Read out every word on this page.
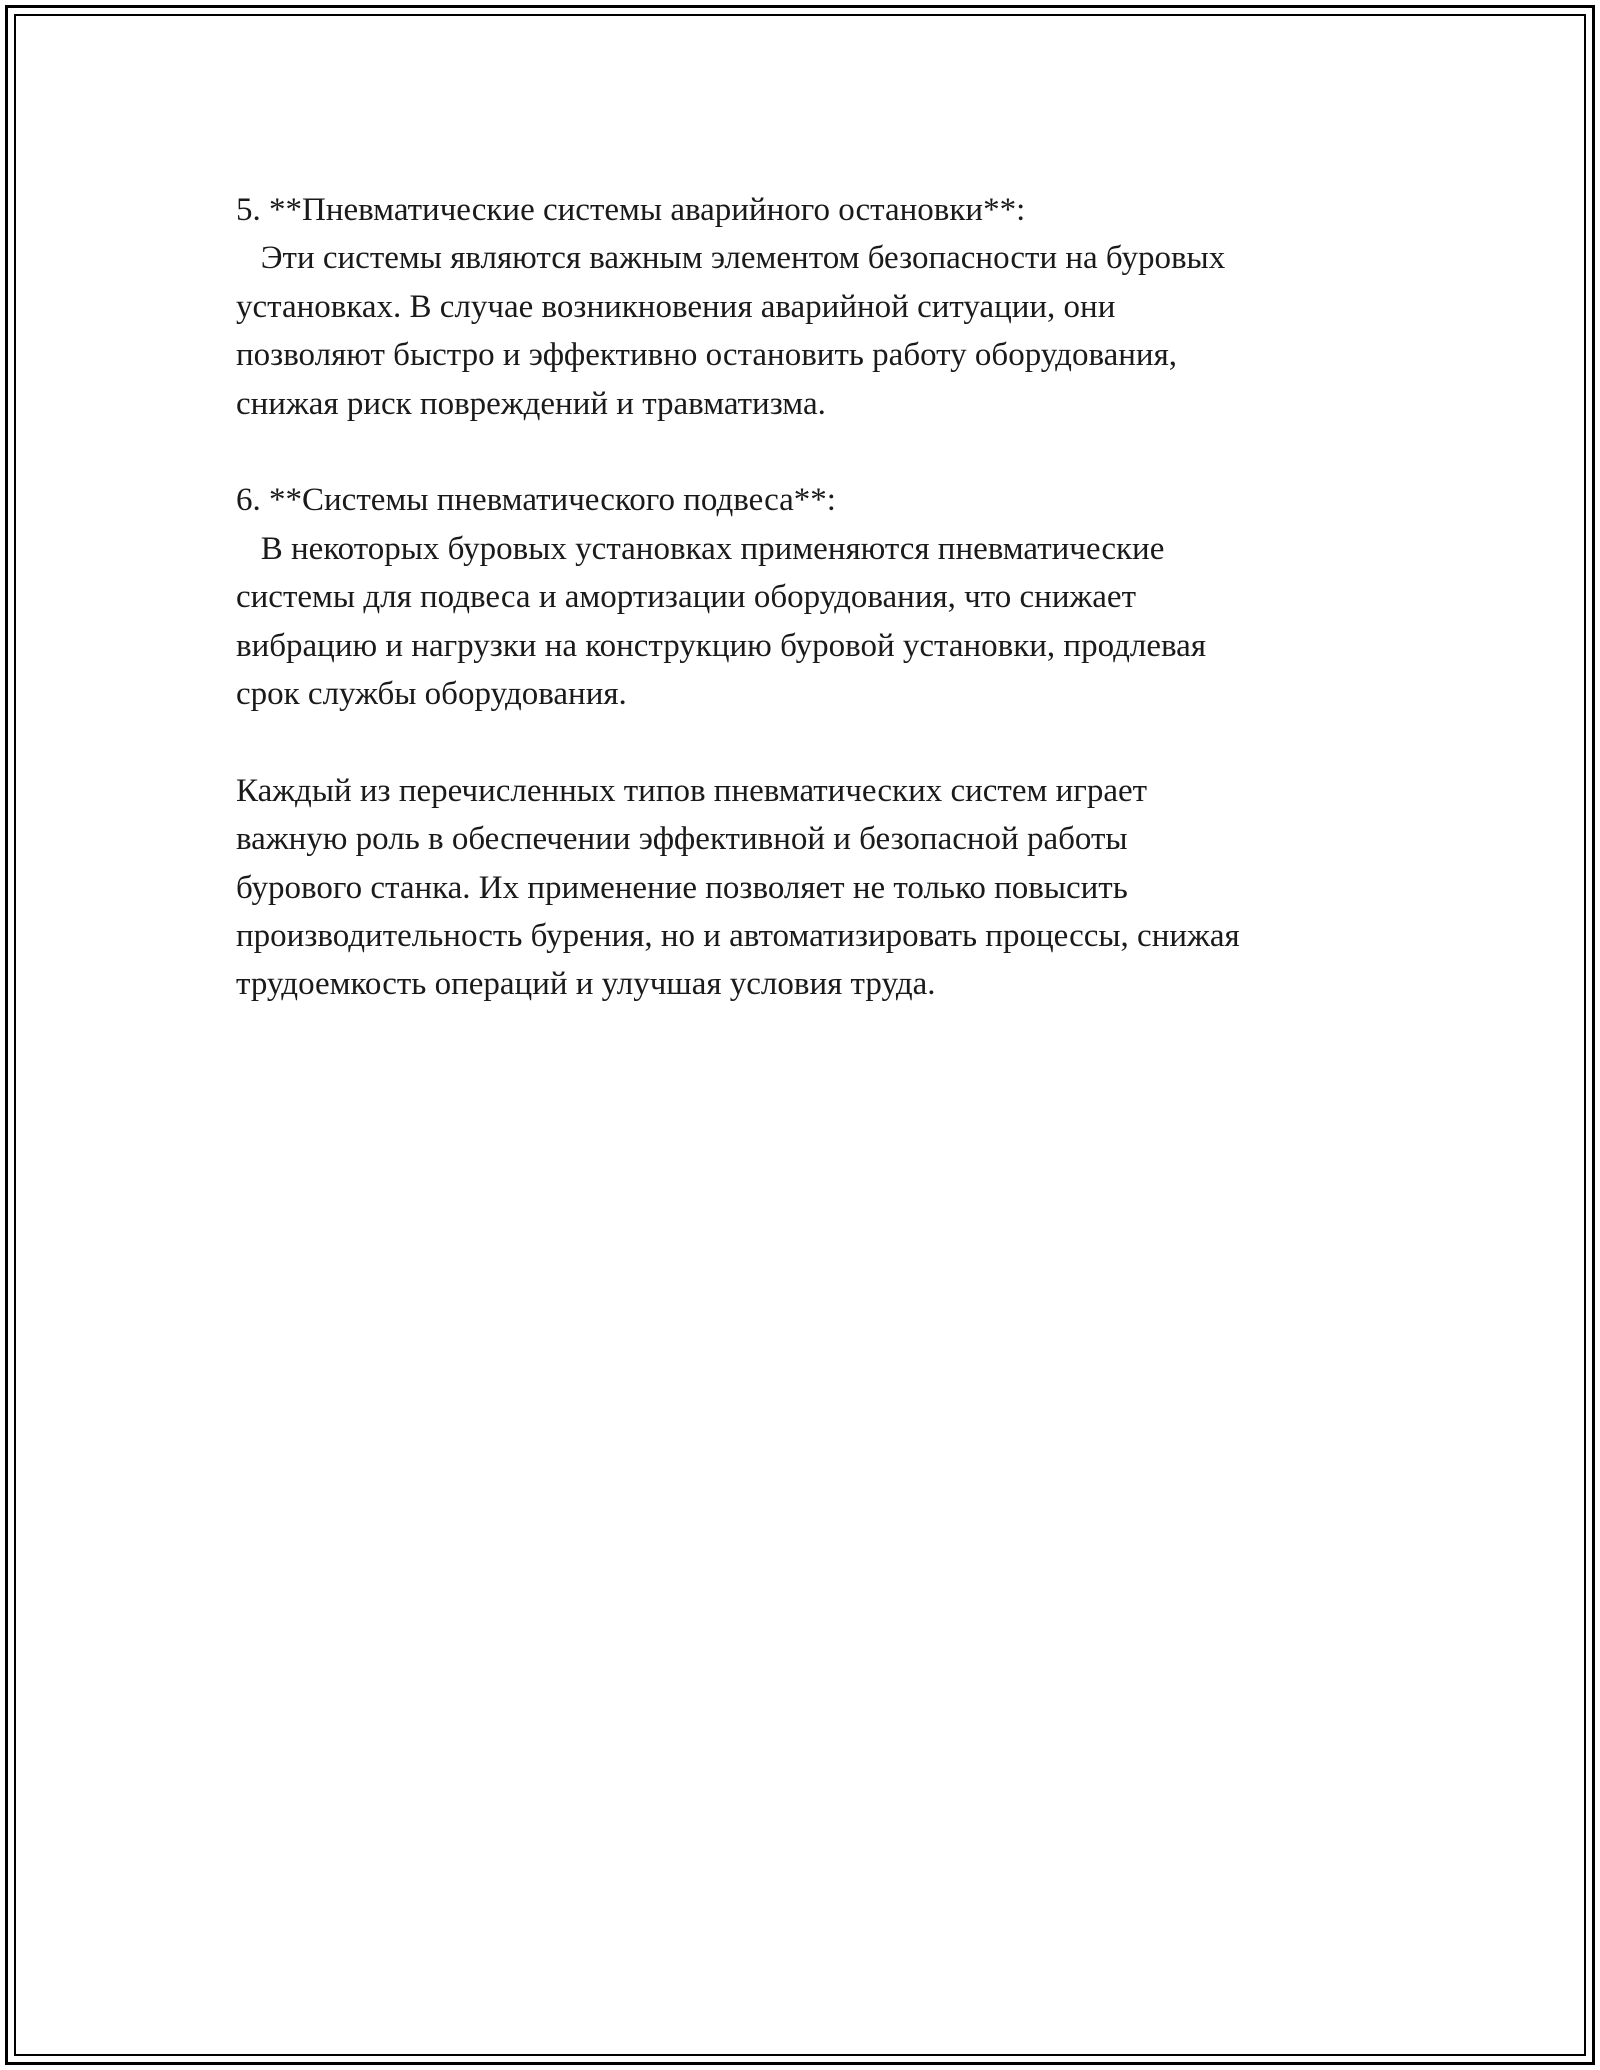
5. **Пневматические системы аварийного остановки**:

Эти системы являются важным элементом безопасности на буровых

установках. В случае возникновения аварийной ситуации, они

позволяют быстро и эффективно остановить работу оборудования,

снижая риск повреждений и травматизма.

6. **Системы пневматического подвеса**:

В некоторых буровых установках применяются пневматические

системы для подвеса и амортизации оборудования, что снижает

вибрацию и нагрузки на конструкцию буровой установки, продлевая

срок службы оборудования.

Каждый из перечисленных типов пневматических систем играет

важную роль в обеспечении эффективной и безопасной работы

бурового станка. Их применение позволяет не только повысить

производительность бурения, но и автоматизировать процессы, снижая

трудоемкость операций и улучшая условия труда.
